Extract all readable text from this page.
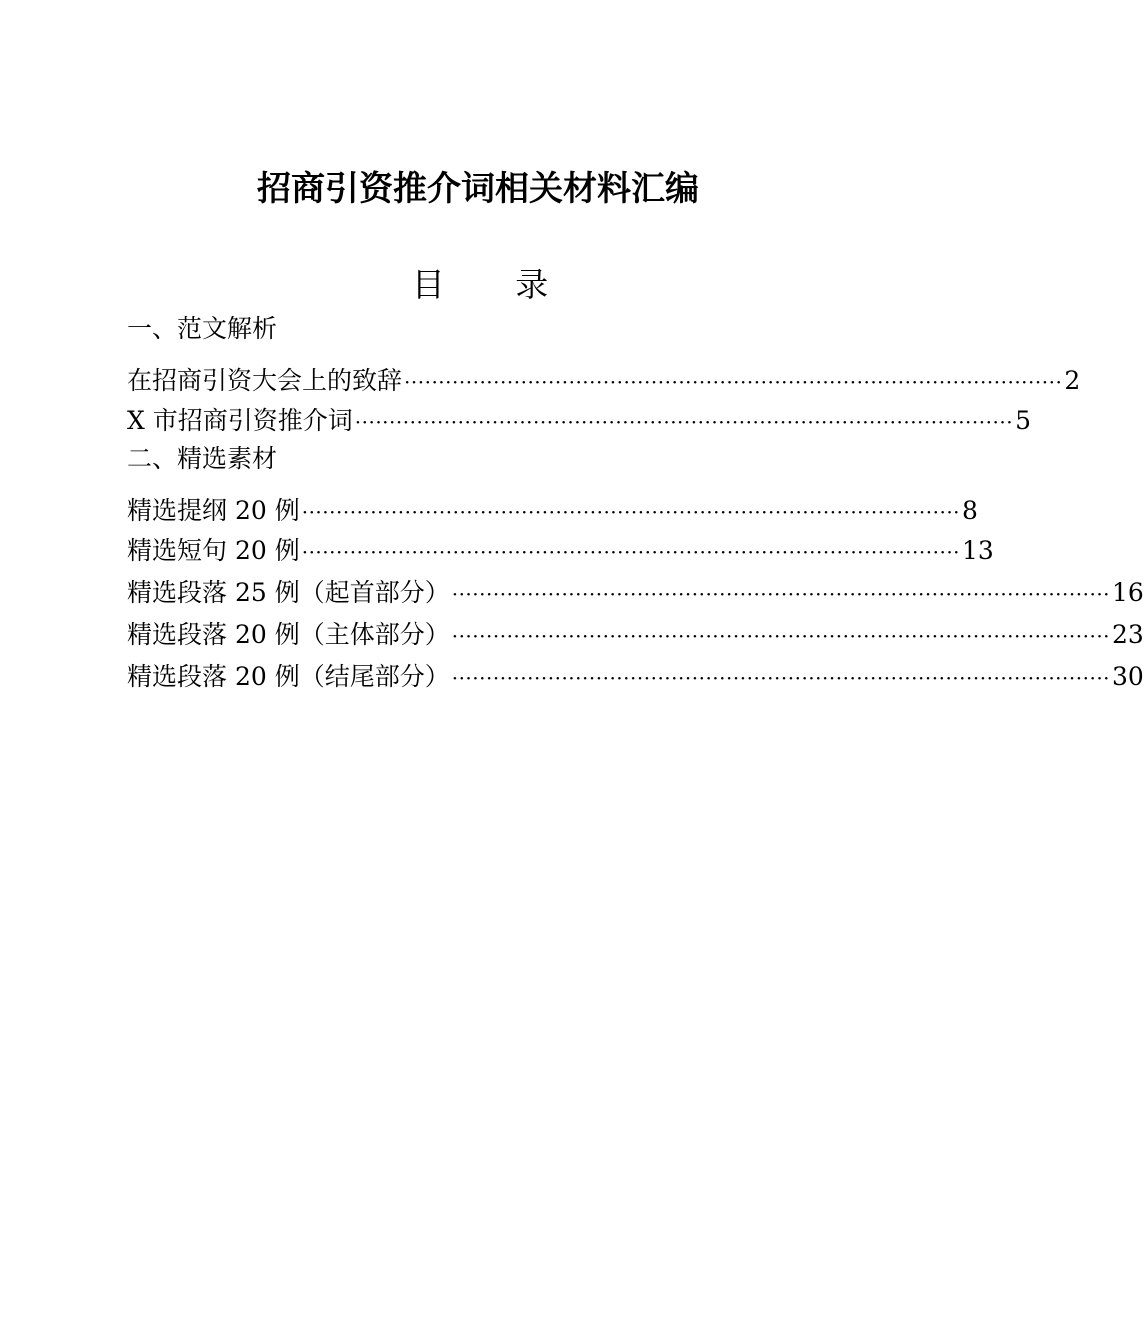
招商引资推介词相关材料汇编
目 录
一、范文解析
在招商引资大会上的致辞 ································································································ 2
X 市招商引资推介词 ································································································ 5
二、精选素材
精选提纲 20 例 ································································································ 8
精选短句 20 例 ································································································ 13
精选段落 25 例（起首部分） ································································································ 16
精选段落 20 例（主体部分） ································································································ 23
精选段落 20 例（结尾部分） ································································································ 30
